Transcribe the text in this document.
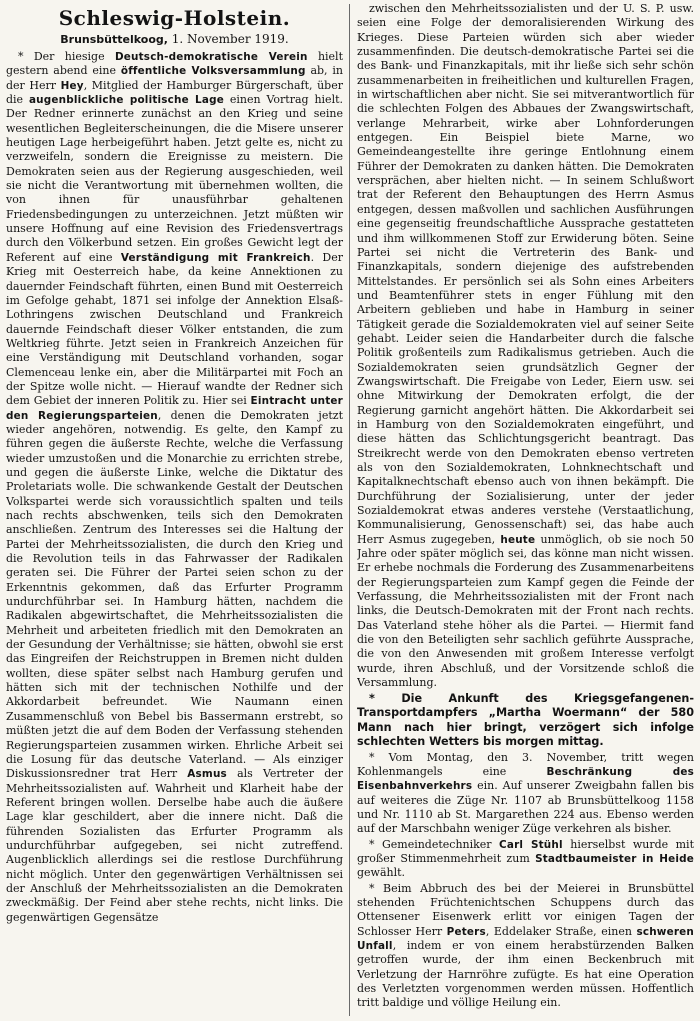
Schleswig-Holstein.
Brunsbüttelkoog, 1. November 1919.

* Der hiesige Deutsch-demokratische Verein hielt gestern abend eine öffentliche Volksversammlung ab, in der Herr Hey, Mitglied der Hamburger Bürgerschaft, über die augenblickliche politische Lage einen Vortrag hielt. Der Redner erinnerte zunächst an den Krieg und seine wesentlichen Begleiterscheinungen, die die Misere unserer heutigen Lage herbeigeführt haben. Jetzt gelte es, nicht zu verzweifeln, sondern die Ereignisse zu meistern. Die Demokraten seien aus der Regierung ausgeschieden, weil sie nicht die Verantwortung mit übernehmen wollten, die von ihnen für unausführbar gehaltenen Friedensbedingungen zu unterzeichnen. Jetzt müßten wir unsere Hoffnung auf eine Revision des Friedensvertrags durch den Völkerbund setzen. Ein großes Gewicht legt der Referent auf eine Verständigung mit Frankreich. Der Krieg mit Oesterreich habe, da keine Annektionen zu dauernder Feindschaft führten, einen Bund mit Oesterreich im Gefolge gehabt, 1871 sei infolge der Annektion Elsaß-Lothringens zwischen Deutschland und Frankreich dauernde Feindschaft dieser Völker entstanden, die zum Weltkrieg führte. Jetzt seien in Frankreich Anzeichen für eine Verständigung mit Deutschland vorhanden, sogar Clemenceau lenke ein, aber die Militärpartei mit Foch an der Spitze wolle nicht. — Hierauf wandte der Redner sich dem Gebiet der inneren Politik zu. Hier sei Eintracht unter den Regierungsparteien, denen die Demokraten jetzt wieder angehören, notwendig. Es gelte, den Kampf zu führen gegen die äußerste Rechte, welche die Verfassung wieder umzustoßen und die Monarchie zu errichten strebe, und gegen die äußerste Linke, welche die Diktatur des Proletariats wolle. Die schwankende Gestalt der Deutschen Volkspartei werde sich voraussichtlich spalten und teils nach rechts abschwenken, teils sich den Demokraten anschließen. Zentrum des Interesses sei die Haltung der Partei der Mehrheitssozialisten, die durch den Krieg und die Revolution teils in das Fahrwasser der Radikalen geraten sei. Die Führer der Partei seien schon zu der Erkenntnis gekommen, daß das Erfurter Programm undurchführbar sei. In Hamburg hätten, nachdem die Radikalen abgewirtschaftet, die Mehrheitssozialisten die Mehrheit und arbeiteten friedlich mit den Demokraten an der Gesundung der Verhältnisse; sie hätten, obwohl sie erst das Eingreifen der Reichstruppen in Bremen nicht dulden wollten, diese später selbst nach Hamburg gerufen und hätten sich mit der technischen Nothilfe und der Akkordarbeit befreundet. Wie Naumann einen Zusammenschluß von Bebel bis Bassermann erstrebt, so müßten jetzt die auf dem Boden der Verfassung stehenden Regierungsparteien zusammen wirken. Ehrliche Arbeit sei die Losung für das deutsche Vaterland. — Als einziger Diskussionsredner trat Herr Asmus als Vertreter der Mehrheitssozialisten auf. Wahrheit und Klarheit habe der Referent bringen wollen. Derselbe habe auch die äußere Lage klar geschildert, aber die innere nicht. Daß die führenden Sozialisten das Erfurter Programm als undurchführbar aufgegeben, sei nicht zutreffend. Augenblicklich allerdings sei die restlose Durchführung nicht möglich. Unter den gegenwärtigen Verhältnissen sei der Anschluß der Mehrheitssozialisten an die Demokraten zweckmäßig. Der Feind aber stehe rechts, nicht links. Die gegenwärtigen Gegensätze

zwischen den Mehrheitssozialisten und der U. S. P. usw. seien eine Folge der demoralisierenden Wirkung des Krieges. Diese Parteien würden sich aber wieder zusammenfinden. Die deutsch-demokratische Partei sei die des Bank- und Finanzkapitals, mit ihr ließe sich sehr schön zusammenarbeiten in freiheitlichen und kulturellen Fragen, in wirtschaftlichen aber nicht. Sie sei mitverantwortlich für die schlechten Folgen des Abbaues der Zwangswirtschaft, verlange Mehrarbeit, wirke aber Lohnforderungen entgegen. Ein Beispiel biete Marne, wo Gemeindeangestellte ihre geringe Entlohnung einem Führer der Demokraten zu danken hätten. Die Demokraten versprächen, aber hielten nicht. — In seinem Schlußwort trat der Referent den Behauptungen des Herrn Asmus entgegen, dessen maßvollen und sachlichen Ausführungen eine gegenseitig freundschaftliche Aussprache gestatteten und ihm willkommenen Stoff zur Erwiderung böten. Seine Partei sei nicht die Vertreterin des Bank- und Finanzkapitals, sondern diejenige des aufstrebenden Mittelstandes. Er persönlich sei als Sohn eines Arbeiters und Beamtenführer stets in enger Fühlung mit den Arbeitern geblieben und habe in Hamburg in seiner Tätigkeit gerade die Sozialdemokraten viel auf seiner Seite gehabt. Leider seien die Handarbeiter durch die falsche Politik großenteils zum Radikalismus getrieben. Auch die Sozialdemokraten seien grundsätzlich Gegner der Zwangswirtschaft. Die Freigabe von Leder, Eiern usw. sei ohne Mitwirkung der Demokraten erfolgt, die der Regierung garnicht angehört hätten. Die Akkordarbeit sei in Hamburg von den Sozialdemokraten eingeführt, und diese hätten das Schlichtungsgericht beantragt. Das Streikrecht werde von den Demokraten ebenso vertreten als von den Sozialdemokraten, Lohnknechtschaft und Kapitalknechtschaft ebenso auch von ihnen bekämpft. Die Durchführung der Sozialisierung, unter der jeder Sozialdemokrat etwas anderes verstehe (Verstaatlichung, Kommunalisierung, Genossenschaft) sei, das habe auch Herr Asmus zugegeben, heute unmöglich, ob sie noch 50 Jahre oder später möglich sei, das könne man nicht wissen. Er erhebe nochmals die Forderung des Zusammenarbeitens der Regierungsparteien zum Kampf gegen die Feinde der Verfassung, die Mehrheitssozialisten mit der Front nach links, die Deutsch-Demokraten mit der Front nach rechts. Das Vaterland stehe höher als die Partei. — Hiermit fand die von den Beteiligten sehr sachlich geführte Aussprache, die von den Anwesenden mit großem Interesse verfolgt wurde, ihren Abschluß, und der Vorsitzende schloß die Versammlung.

* Die Ankunft des Kriegsgefangenen-Transportdampfers „Martha Woermann“ der 580 Mann nach hier bringt, verzögert sich infolge schlechten Wetters bis morgen mittag.

* Vom Montag, den 3. November, tritt wegen Kohlenmangels eine Beschränkung des Eisenbahnverkehrs ein. Auf unserer Zweigbahn fallen bis auf weiteres die Züge Nr. 1107 ab Brunsbüttelkoog 1158 und Nr. 1110 ab St. Margarethen 224 aus. Ebenso werden auf der Marschbahn weniger Züge verkehren als bisher.

* Gemeindetechniker Carl Stühl hierselbst wurde mit großer Stimmenmehrheit zum Stadtbaumeister in Heide gewählt.

* Beim Abbruch des bei der Meierei in Brunsbüttel stehenden Früchtenichtschen Schuppens durch das Ottensener Eisenwerk erlitt vor einigen Tagen der Schlosser Herr Peters, Eddelaker Straße, einen schweren Unfall, indem er von einem herabstürzenden Balken getroffen wurde, der ihm einen Beckenbruch mit Verletzung der Harnröhre zufügte. Es hat eine Operation des Verletzten vorgenommen werden müssen. Hoffentlich tritt baldige und völlige Heilung ein.
